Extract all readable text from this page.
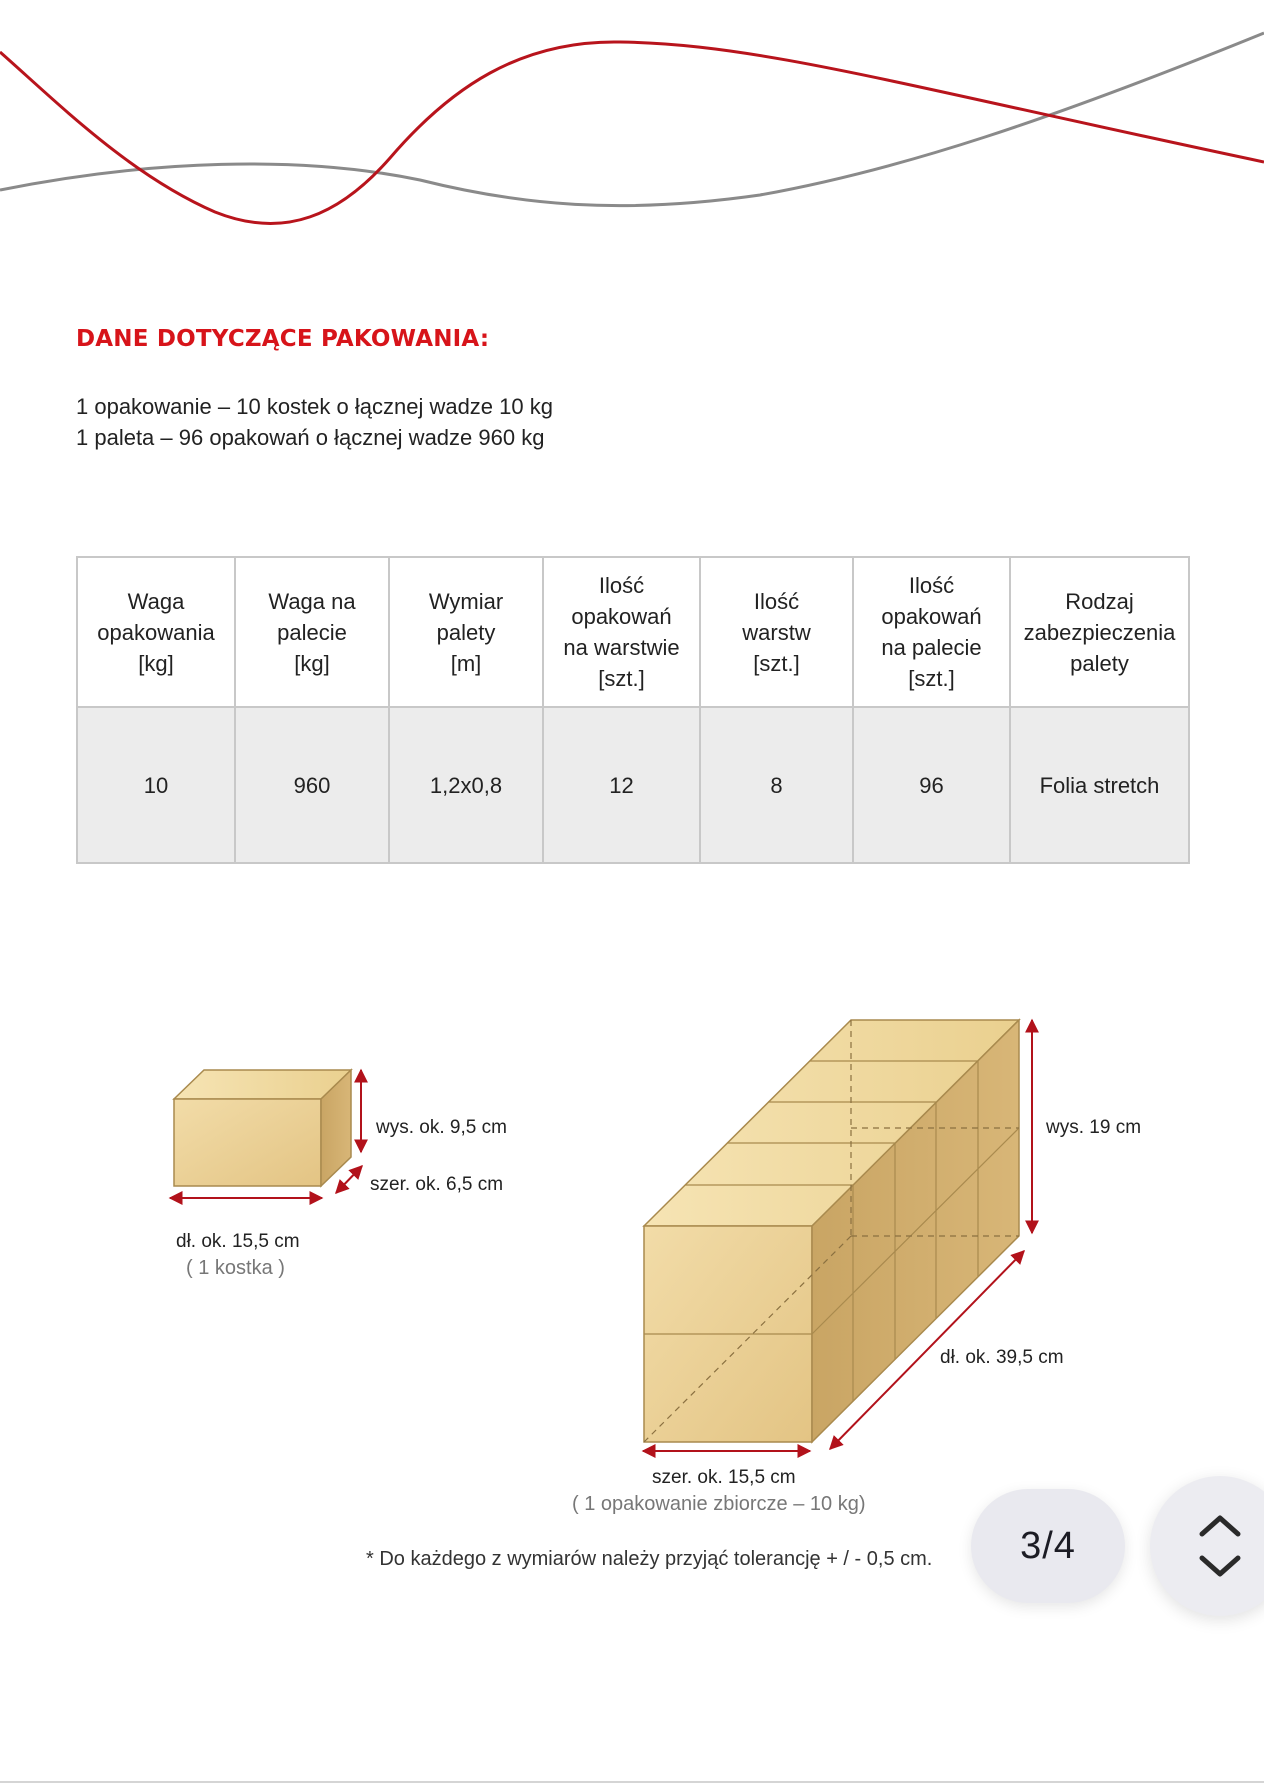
DANE DOTYCZĄCE PAKOWANIA:

1 opakowanie – 10 kostek o łącznej wadze 10 kg

1 paleta – 96 opakowań o łącznej wadze 960 kg

Waga
opakowania
[kg]	Waga na
palecie
[kg]	Wymiar
palety
[m]	Ilość
opakowań
na warstwie
[szt.]	Ilość
warstw
[szt.]	Ilość
opakowań
na palecie
[szt.]	Rodzaj
zabezpieczenia
palety
10	960	1,2x0,8	12	8	96	Folia stretch
wys. ok. 9,5 cm
szer. ok. 6,5 cm
dł. ok. 15,5 cm
( 1 kostka )
wys. 19 cm
dł. ok. 39,5 cm
szer. ok. 15,5 cm
( 1 opakowanie zbiorcze – 10 kg)
* Do każdego z wymiarów należy przyjąć tolerancję + / - 0,5 cm.	3/4
